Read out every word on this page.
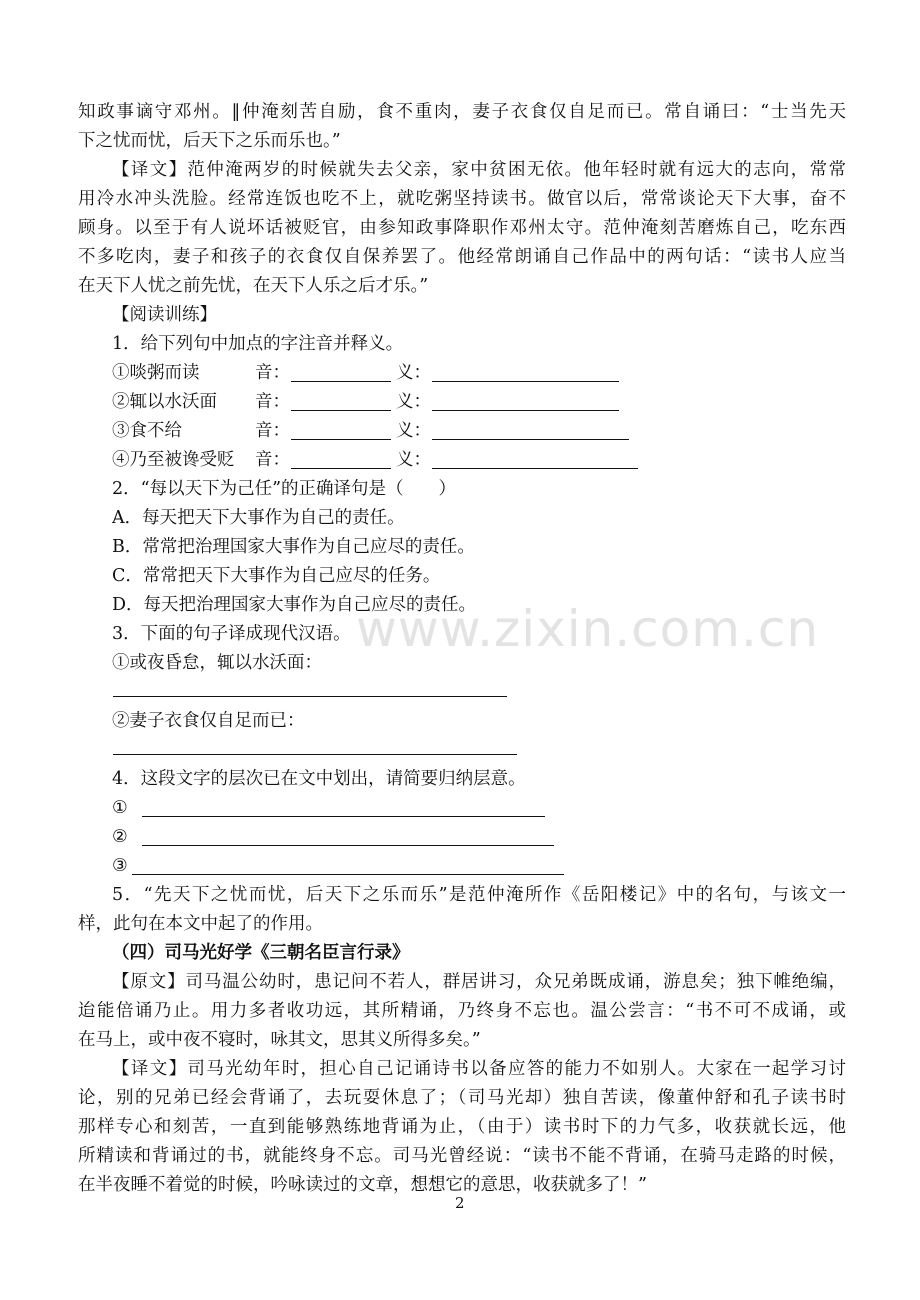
知政事谪守邓州。‖仲淹刻苦自励，食不重肉，妻子衣食仅自足而已。常自诵曰：“士当先天
下之忧而忧，后天下之乐而乐也。”
【译文】范仲淹两岁的时候就失去父亲，家中贫困无依。他年轻时就有远大的志向，常常
用冷水冲头洗脸。经常连饭也吃不上，就吃粥坚持读书。做官以后，常常谈论天下大事，奋不
顾身。以至于有人说坏话被贬官，由参知政事降职作邓州太守。范仲淹刻苦磨炼自己，吃东西
不多吃肉，妻子和孩子的衣食仅自保养罢了。他经常朗诵自己作品中的两句话：“读书人应当
在天下人忧之前先忧，在天下人乐之后才乐。”
【阅读训练】
1．给下列句中加点的字注音并释义。
①啖粥而读	音：	义：
②辄以水沃面	音：	义：
③食不给	音：	义：
④乃至被谗受贬	音：	义：
2．“每以天下为己任”的正确译句是（　　）
A．每天把天下大事作为自己的责任。
B．常常把治理国家大事作为自己应尽的责任。
C．常常把天下大事作为自己应尽的任务。
D．每天把治理国家大事作为自己应尽的责任。
3．下面的句子译成现代汉语。
①或夜昏怠，辄以水沃面：
②妻子衣食仅自足而已：
4．这段文字的层次已在文中划出，请简要归纳层意。
①
②
③
5．“先天下之忧而忧，后天下之乐而乐”是范仲淹所作《岳阳楼记》中的名句，与该文一
样，此句在本文中起了的作用。
（四）司马光好学《三朝名臣言行录》
【原文】司马温公幼时，患记问不若人，群居讲习，众兄弟既成诵，游息矣；独下帷绝编，
迨能倍诵乃止。用力多者收功远，其所精诵，乃终身不忘也。温公尝言：“书不可不成诵，或
在马上，或中夜不寝时，咏其文，思其义所得多矣。”
【译文】司马光幼年时，担心自己记诵诗书以备应答的能力不如别人。大家在一起学习讨
论，别的兄弟已经会背诵了，去玩耍休息了；（司马光却）独自苦读，像董仲舒和孔子读书时
那样专心和刻苦，一直到能够熟练地背诵为止，（由于）读书时下的力气多，收获就长远，他
所精读和背诵过的书，就能终身不忘。司马光曾经说：“读书不能不背诵，在骑马走路的时候，
在半夜睡不着觉的时候，吟咏读过的文章，想想它的意思，收获就多了！”
www.zixin.com.cn
2
